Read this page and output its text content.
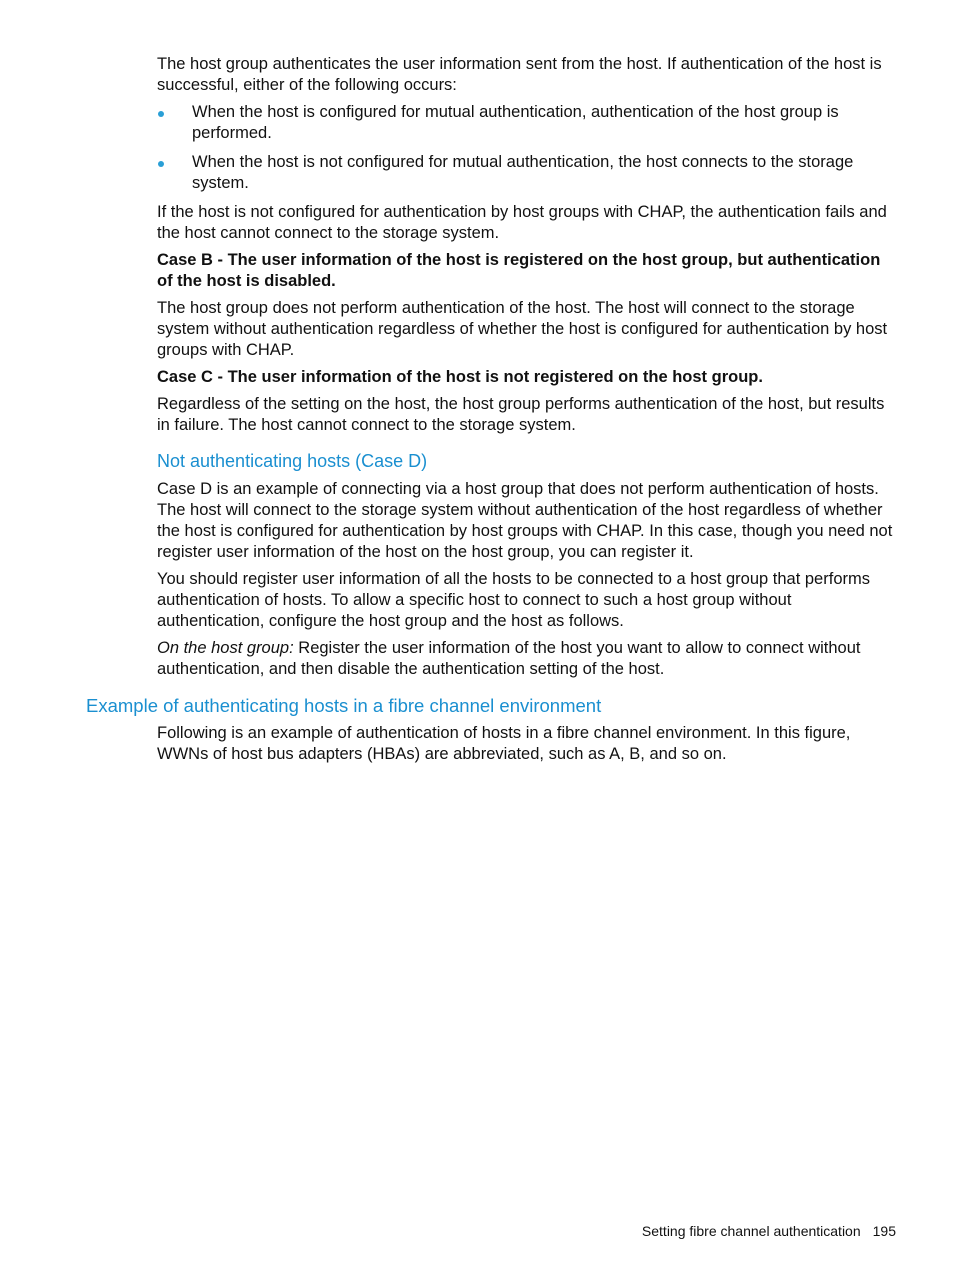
The host group authenticates the user information sent from the host. If authentication of the host is successful, either of the following occurs:

When the host is configured for mutual authentication, authentication of the host group is performed.
When the host is not configured for mutual authentication, the host connects to the storage system.

If the host is not configured for authentication by host groups with CHAP, the authentication fails and the host cannot connect to the storage system.

Case B - The user information of the host is registered on the host group, but authentication of the host is disabled.

The host group does not perform authentication of the host. The host will connect to the storage system without authentication regardless of whether the host is configured for authentication by host groups with CHAP.

Case C - The user information of the host is not registered on the host group.

Regardless of the setting on the host, the host group performs authentication of the host, but results in failure. The host cannot connect to the storage system.

Not authenticating hosts (Case D)

Case D is an example of connecting via a host group that does not perform authentication of hosts. The host will connect to the storage system without authentication of the host regardless of whether the host is configured for authentication by host groups with CHAP. In this case, though you need not register user information of the host on the host group, you can register it.

You should register user information of all the hosts to be connected to a host group that performs authentication of hosts. To allow a specific host to connect to such a host group without authentication, configure the host group and the host as follows.

On the host group: Register the user information of the host you want to allow to connect without authentication, and then disable the authentication setting of the host.

Example of authenticating hosts in a fibre channel environment

Following is an example of authentication of hosts in a fibre channel environment. In this figure, WWNs of host bus adapters (HBAs) are abbreviated, such as A, B, and so on.

Setting fibre channel authentication 195
